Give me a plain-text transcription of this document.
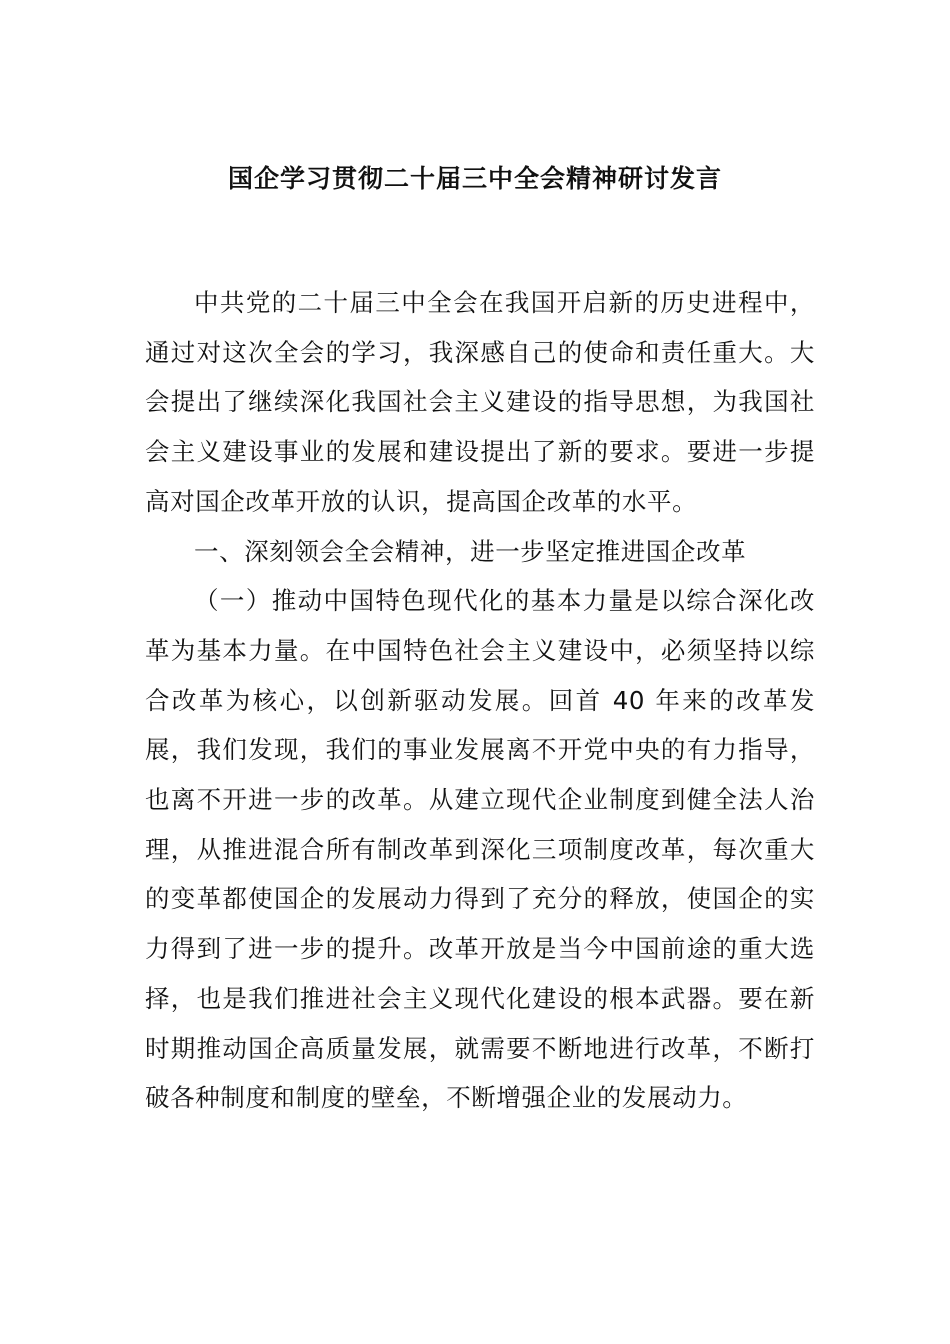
国企学习贯彻二十届三中全会精神研讨发言

中共党的二十届三中全会在我国开启新的历史进程中，通过对这次全会的学习，我深感自己的使命和责任重大。大会提出了继续深化我国社会主义建设的指导思想，为我国社会主义建设事业的发展和建设提出了新的要求。要进一步提高对国企改革开放的认识，提高国企改革的水平。

一、深刻领会全会精神，进一步坚定推进国企改革

（一）推动中国特色现代化的基本力量是以综合深化改革为基本力量。在中国特色社会主义建设中，必须坚持以综合改革为核心，以创新驱动发展。回首 40 年来的改革发展，我们发现，我们的事业发展离不开党中央的有力指导，也离不开进一步的改革。从建立现代企业制度到健全法人治理，从推进混合所有制改革到深化三项制度改革，每次重大的变革都使国企的发展动力得到了充分的释放，使国企的实力得到了进一步的提升。改革开放是当今中国前途的重大选择，也是我们推进社会主义现代化建设的根本武器。要在新时期推动国企高质量发展，就需要不断地进行改革，不断打破各种制度和制度的壁垒，不断增强企业的发展动力。
